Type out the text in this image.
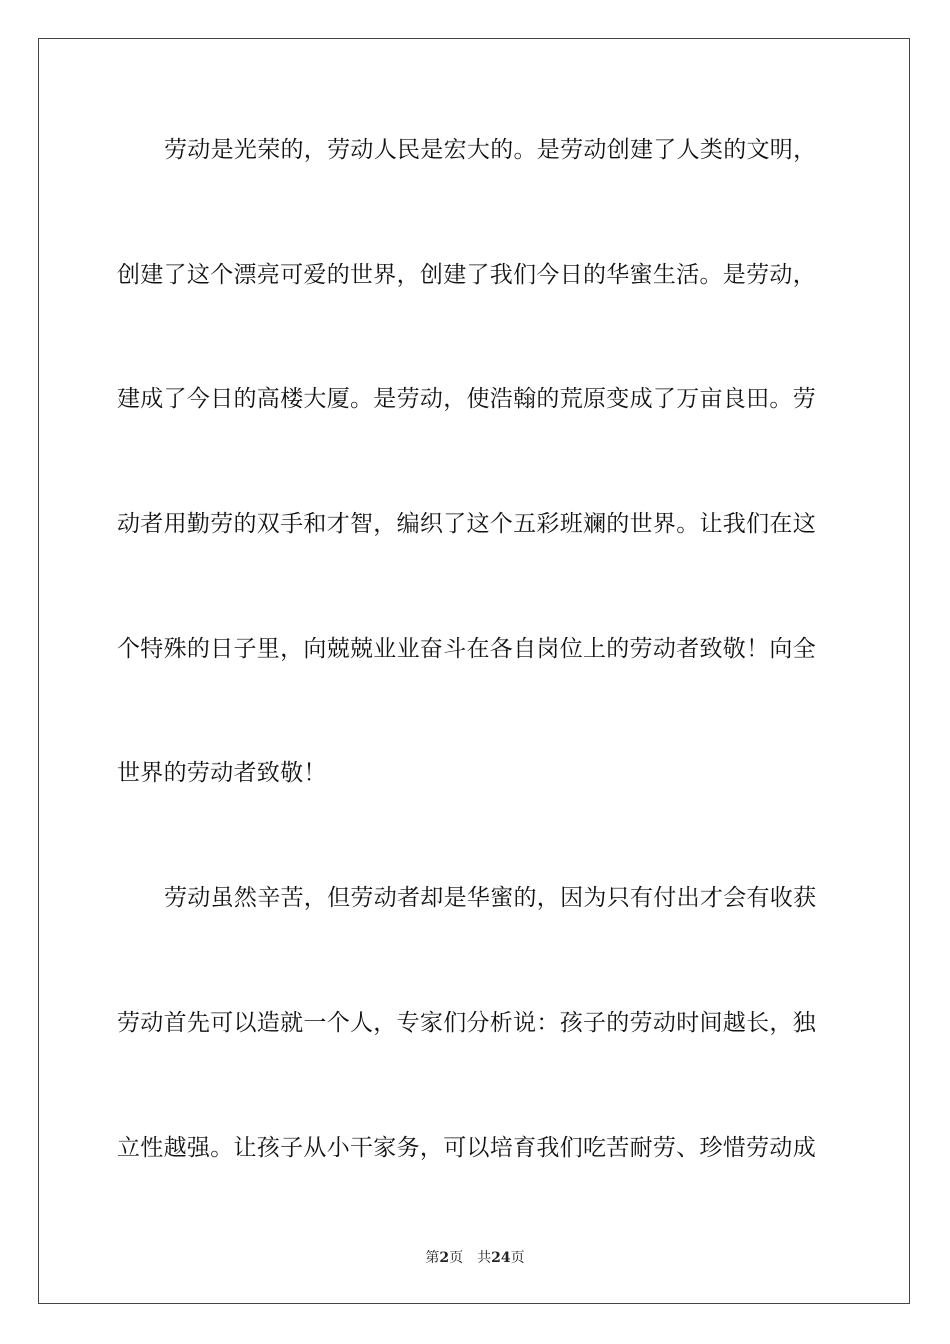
劳动是光荣的，劳动人民是宏大的。是劳动创建了人类的文明，
创建了这个漂亮可爱的世界，创建了我们今日的华蜜生活。是劳动，
建成了今日的高楼大厦。是劳动，使浩翰的荒原变成了万亩良田。劳
动者用勤劳的双手和才智，编织了这个五彩班斓的世界。让我们在这
个特殊的日子里，向兢兢业业奋斗在各自岗位上的劳动者致敬！向全
世界的劳动者致敬！
劳动虽然辛苦，但劳动者却是华蜜的，因为只有付出才会有收获
劳动首先可以造就一个人，专家们分析说：孩子的劳动时间越长，独
立性越强。让孩子从小干家务，可以培育我们吃苦耐劳、珍惜劳动成
第2页 共24页
